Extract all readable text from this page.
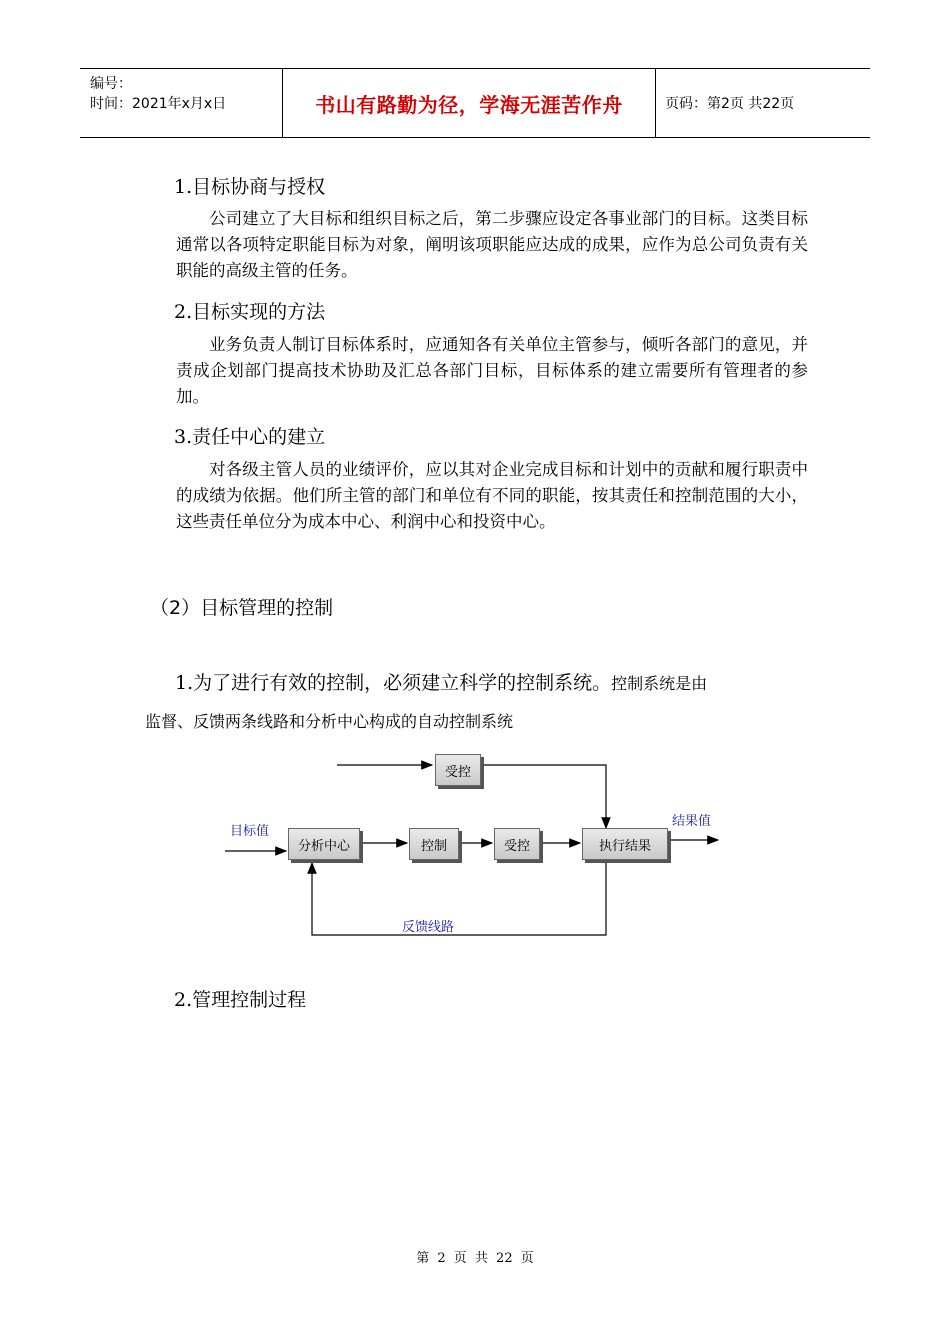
编号：
时间：2021年x月x日	书山有路勤为径，学海无涯苦作舟	页码：第2页 共22页
1.目标协商与授权
公司建立了大目标和组织目标之后，第二步骤应设定各事业部门的目标。这类目标通常以各项特定职能目标为对象，阐明该项职能应达成的成果，应作为总公司负责有关职能的高级主管的任务。
2.目标实现的方法
业务负责人制订目标体系时，应通知各有关单位主管参与，倾听各部门的意见，并责成企划部门提高技术协助及汇总各部门目标，目标体系的建立需要所有管理者的参加。
3.责任中心的建立
对各级主管人员的业绩评价，应以其对企业完成目标和计划中的贡献和履行职责中的成绩为依据。他们所主管的部门和单位有不同的职能，按其责任和控制范围的大小，这些责任单位分为成本中心、利润中心和投资中心。
（2）目标管理的控制
1.为了进行有效的控制，必须建立科学的控制系统。控制系统是由
监督、反馈两条线路和分析中心构成的自动控制系统
受控
分析中心	控制	受控	执行结果
目标值
结果值
反馈线路
2.管理控制过程
第 2 页 共 22 页
